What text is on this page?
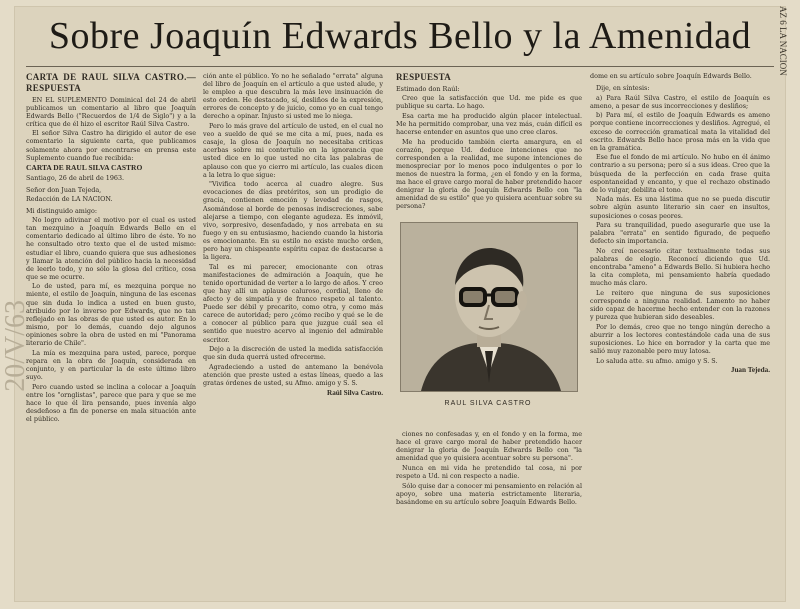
AZ 6 LA NACION
20/V/63
Sobre Joaquín Edwards Bello y la Amenidad

CARTA DE RAUL SILVA CASTRO.— RESPUESTA

EN EL SUPLEMENTO Dominical del 24 de abril publicamos un comentario al libro que Joaquín Edwards Bello ("Recuerdos de 1/4 de Siglo") y a la crítica que de él hizo el escritor Raúl Silva Castro.

El señor Silva Castro ha dirigido el autor de ese comentario la siguiente carta, que publicamos solamente ahora por encontrarse en prensa este Suplemento cuando fue recibida:

CARTA DE RAUL SILVA CASTRO

Santiago, 26 de abril de 1963.

Señor don Juan Tejeda,

Redacción de LA NACION.

Mi distinguido amigo:

No logro adivinar el motivo por el cual es usted tan mezquino a Joaquín Edwards Bello en el comentario dedicado al último libro de éste. Yo no he consultado otro texto que el de usted mismo: estudiar el libro, cuando quiera que sus adhesiones y llamar la atención del público hacia la necesidad de leerlo todo, y no sólo la glosa del crítico, cosa que se me ocurre.

Lo de usted, para mí, es mezquina porque no miente, el estilo de Joaquín, ninguna de las escenas que sin duda lo indica a usted en buen gusto, atribuido por lo inverso por Edwards, que no tan reflejado en las obras de que usted es autor. En lo mismo, por lo demás, cuando dejo algunos opiniones sobre la obra de usted en mi "Panorama literario de Chile".

La mía es mezquina para usted, parece, porque repara en la obra de Joaquín, considerada en conjunto, y en particular la de este último libro suyo.

Pero cuando usted se inclina a colocar a Joaquín entre los "ornglistas", parece que para y que se me hace lo que él lira pensando, pues invenía algo desdeñoso a fin de ponerse en mala situación ante el público.

ción ante el público. Yo no he señalado "errata" alguna del libro de Joaquín en el artículo a que usted alude, y le empleo a que descubra la más leve insinuación de esto orden. He destacado, sí, desliños de la expresión, errores de concepto y de juicio, como yo en cual tengo derecho a opinar. Injusto si usted me lo niega.

Pero lo más grave del artículo de usted, en el cual no veo a sueldo de qué se me cita a mí, pues, nada es casaje, la glosa de Joaquín no necesitaba criticas acerbas sobre mi contertulio en la ignorancia que usted dice en lo que usted no cita las palabras de aplauso con que yo cierro mi artículo, las cuales dicen a la letra lo que sigue:

"Vivifica todo acerca al cuadro alegre. Sus evocaciones de días pretéritos, son un prodigio de gracia, contienen emoción y levedad de rasgos, Asomándose al borde de penosas indiscreciones, sabe alejarse a tiempo, con elegante agudeza. Es inmóvil, vivo, sorpresivo, desenfadado, y nos arrebata en su fuego y en su entusiasmo, haciendo cuando la historia es emocionante. En su estilo no existe mucho orden, pero hay un chispeante espíritu capaz de destacarse a la ligera.

Tal es mi parecer, emocionante con otras manifestaciones de admiración a Joaquín, que he tenido oportunidad de verter a lo largo de años. Y creo que hay allí un aplauso caluroso, cordial, lleno de afecto y de simpatía y de franco respeto al talento. Puede ser débil y precarito, como otra, y como más carece de autoridad; pero ¿cómo recibo y qué se le de a conocer al público para que juzgue cuál sea el sentido que nuestro acervo al ingenio del admirable escritor.

Dejo a la discreción de usted la medida satisfacción que sin duda querrá usted ofrecerme.

Agradeciendo a usted de antemano la benévola atención que preste usted a estas líneas, quedo a las gratas órdenes de usted, su Afmo. amigo y S. S.

Raúl Silva Castro.

RESPUESTA

Estimado don Raúl:

Creo que la satisfacción que Ud. me pide es que publique su carta. Lo hago.

Esa carta me ha producido algún placer intelectual. Me ha permitido comprobar, una vez más, cuán difícil es hacerse entender en asuntos que uno cree claros.

Me ha producido también cierta amargura, en el corazón, porque Ud. deduce intenciones que no corresponden a la realidad, me supone intenciones de menospreciar por lo menos poco indulgentes o por lo menos de nuestra la forma, ¿en el fondo y en la forma, ma hace el grave cargo moral de haber pretendido hacer denigrar la gloria de Joaquín Edwards Bello con "la amenidad de su estilo" que yo quisiera acentuar sobre su persona?

RAUL SILVA CASTRO

ciones no confesadas y, en el fondo y en la forma, me hace el grave cargo moral de haber pretendido hacer denigrar la gloria de Joaquín Edwards Bello con "la amenidad que yo quisiera acentuar sobre su persona".

Nunca en mi vida he pretendido tal cosa, ni por respeto a Ud. ni con respecto a nadie.

Sólo quise dar a conocer mi pensamiento en relación al apoyo, sobre una materia estrictamente literaria, basándome en su artículo sobre Joaquín Edwards Bello.

dome en su artículo sobre Joaquín Edwards Bello.

Dije, en síntesis:

a) Para Raúl Silva Castro, el estilo de Joaquín es ameno, a pesar de sus incorrecciones y desliños;

b) Para mí, el estilo de Joaquín Edwards es ameno porque contiene incorrecciones y desliños. Agregué, el exceso de corrección gramatical mata la vitalidad del escrito. Edwards Bello hace prosa más en la vida que en la gramática.

Ese fue el fondo de mi artículo. No hubo en él ánimo contrario a su persona; pero sí a sus ideas. Creo que la búsqueda de la perfección en cada frase quita espontaneidad y encanto, y que el rechazo obstinado de lo vulgar, debilita el tono.

Nada más. Es una lástima que no se pueda discutir sobre algún asunto literario sin caer en insultos, suposiciones o cosas peores.

Para su tranquilidad, puedo asegurarle que use la palabra "errata" en sentido figurado, de pequeño defecto sin importancia.

No creí necesario citar textualmente todas sus palabras de elogio. Reconocí diciendo que Ud. encontraba "ameno" a Edwards Bello. Si hubiera hecho la cita completa, mi pensamiento habría quedado mucho más claro.

Le reitero que ninguna de sus suposiciones corresponde a ninguna realidad. Lamento no haber sido capaz de hacerme hecho entender con la razones y pureza que hubieran sido deseables.

Por lo demás, creo que no tengo ningún derecho a aburrir a los lectores contestándole cada una de sus suposiciones. Lo hice en borrador y la carta que me salió muy razonable pero muy latosa.

Lo saluda atte. su afmo. amigo y S. S.

Juan Tejeda.
